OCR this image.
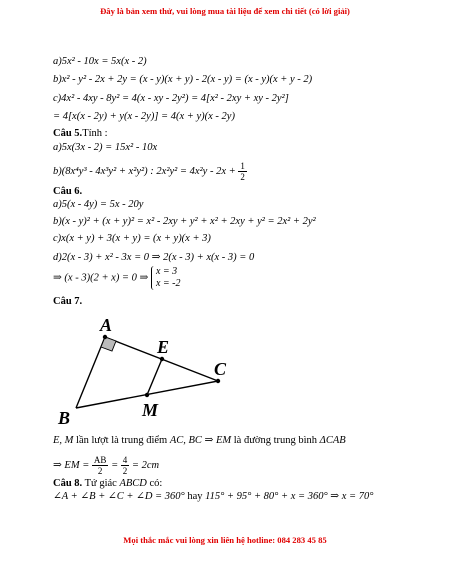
Đây là bản xem thử, vui lòng mua tài liệu để xem chi tiết (có lời giải)
a)5x² - 10x = 5x(x - 2)
b)x² - y² - 2x + 2y = (x - y)(x + y) - 2(x - y) = (x - y)(x + y - 2)
c)4x² - 4xy - 8y² = 4(x - xy - 2y²) = 4[x² - 2xy + xy - 2y²]
= 4[x(x - 2y) + y(x - 2y)] = 4(x + y)(x - 2y)
Câu 5.Tính :
a)5x(3x - 2) = 15x² - 10x
b)(8x⁴y³ - 4x³y² + x²y²) : $2x^2y^2 = 4x^2y - 2x + \frac{1}{2}$
Câu 6.
a)5(x - 4y) = 5x - 20y
b)(x - y)² + (x + y)² = x² - 2xy + y² + x² + 2xy + y² = 2x² + 2y²
c)x(x + y) + 3(x + y) = (x + y)(x + 3)
d)2(x - 3) + x² - 3x = 0 ⇒ 2(x - 3) + x(x - 3) = 0
⇒ (x - 3)(2 + x) = 0 ⇒
x = 3
x = -2
Câu 7.
A
E
C
B	M
E, M lần lượt là trung điểm AC, BC ⇒ EM là đường trung bình ΔCAB
⇒ EM = $\frac{AB}{2} = \frac{4}{2} = 2cm$
Câu 8. Tứ giác ABCD có:
∠A + ∠B + ∠C + ∠D = 360° hay 115° + 95° + 80° + x = 360° ⇒ x = 70°
Mọi thắc mắc vui lòng xin liên hệ hotline: 084 283 45 85
